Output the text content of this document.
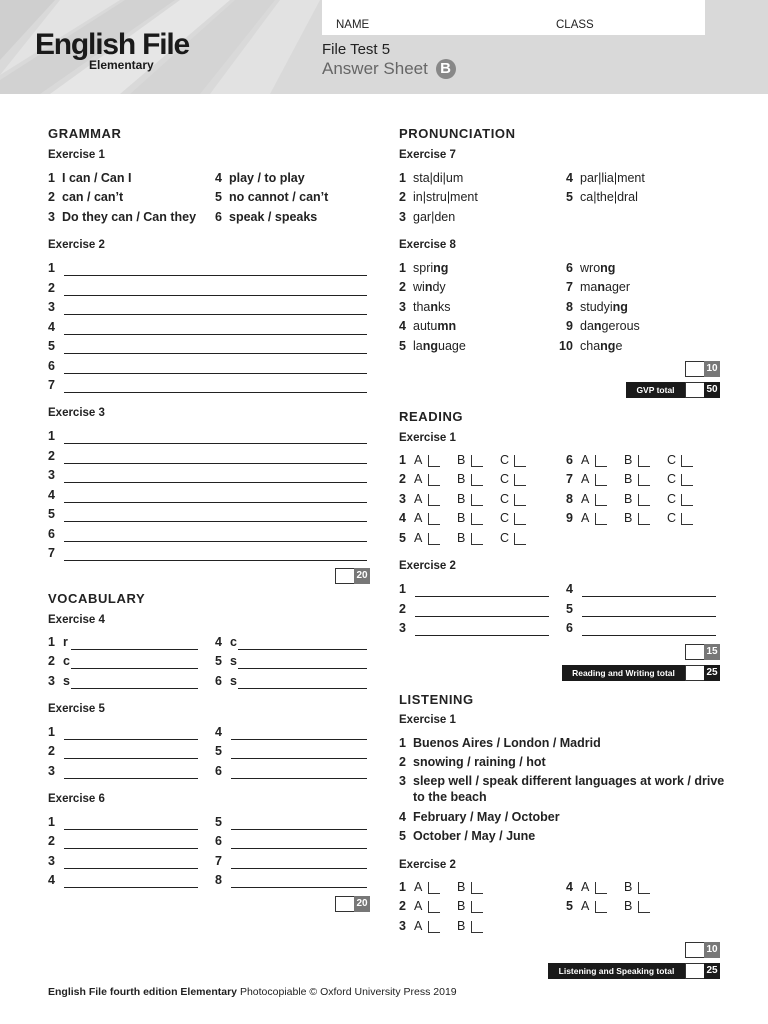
English File
Elementary
NAME	CLASS
File Test 5
Answer Sheet B
GRAMMAR
Exercise 1
1 I can / Can I
2 can / can’t
3 Do they can / Can they
4 play / to play
5 no cannot / can’t
6 speak / speaks
Exercise 2
1
2
3
4
5
6
7
Exercise 3
1
2
3
4
5
6
7
20
VOCABULARY
Exercise 4
1 r
2 c
3 s
4 c
5 s
6 s
Exercise 5
1
2
3
4
5
6
Exercise 6
1
2
3
4
5
6
7
8
20
PRONUNCIATION
Exercise 7
1 sta|di|um
2 in|stru|ment
3 gar|den
4 par|lia|ment
5 ca|the|dral
Exercise 8
1 spring
2 windy
3 thanks
4 autumn
5 language
6 wrong
7 manager
8 studying
9 dangerous
10 change
10
GVP total	50
READING
Exercise 1
1 A	B	C
2 A	B	C
3 A	B	C
4 A	B	C
5 A	B	C
6 A	B	C
7 A	B	C
8 A	B	C
9 A	B	C
Exercise 2
1
2
3
4
5
6
15
Reading and Writing total	25
LISTENING
Exercise 1
1 Buenos Aires / London / Madrid
2 snowing / raining / hot
3 sleep well / speak different languages at work / drive
to the beach
4 February / May / October
5 October / May / June
Exercise 2
1 A	B
2 A	B
3 A	B
4 A	B
5 A	B
10
Listening and Speaking total	25
English File fourth edition Elementary Photocopiable © Oxford University Press 2019
